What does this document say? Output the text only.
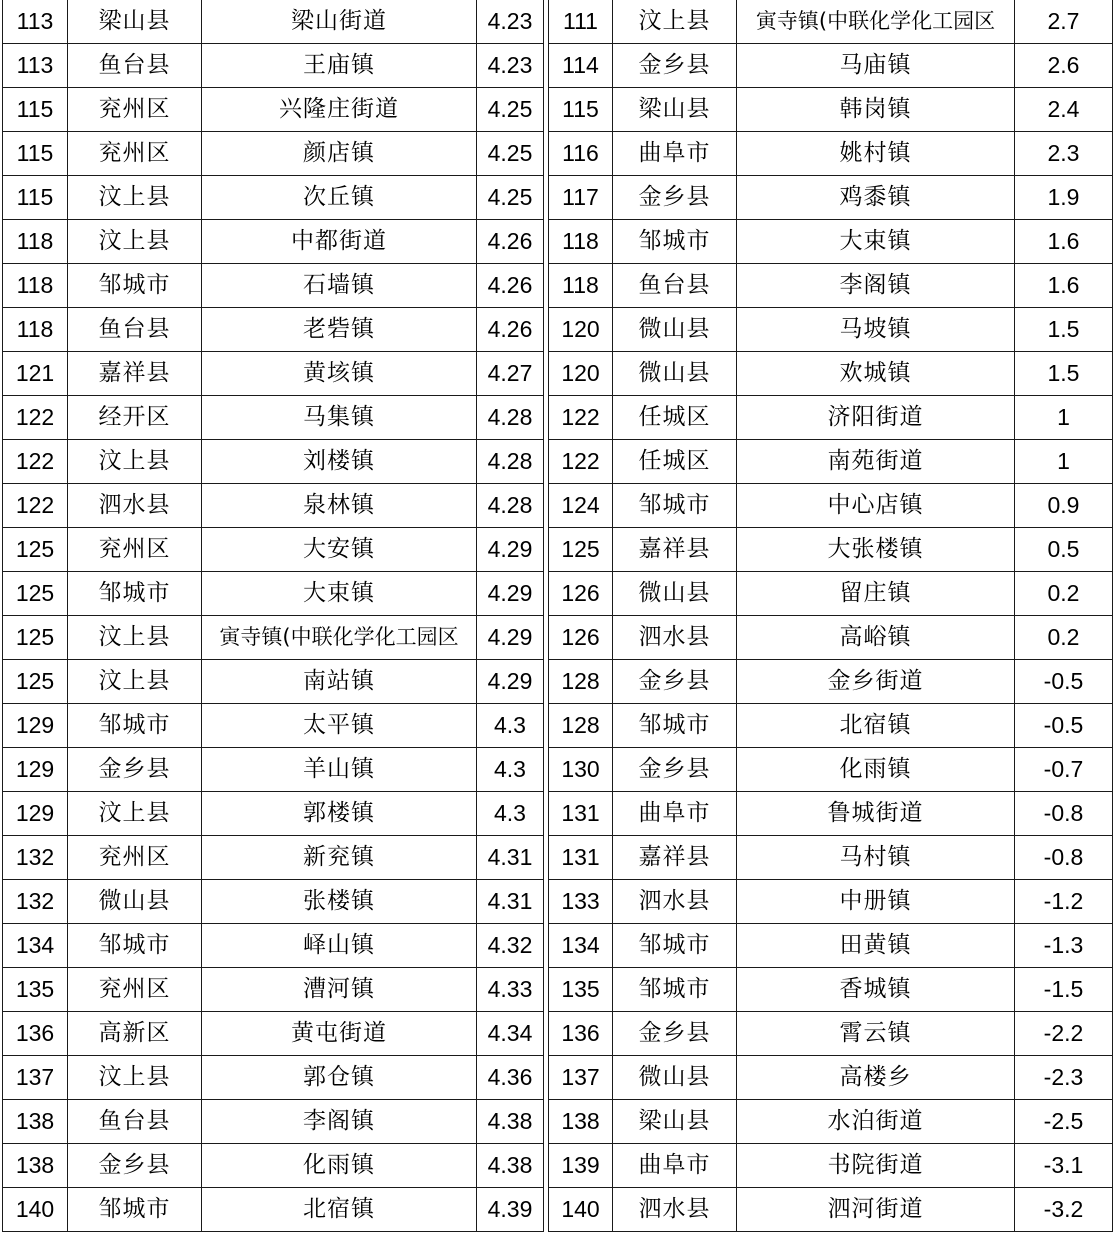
113	梁山县	梁山街道	4.23
113	鱼台县	王庙镇	4.23
115	兖州区	兴隆庄街道	4.25
115	兖州区	颜店镇	4.25
115	汶上县	次丘镇	4.25
118	汶上县	中都街道	4.26
118	邹城市	石墙镇	4.26
118	鱼台县	老砦镇	4.26
121	嘉祥县	黄垓镇	4.27
122	经开区	马集镇	4.28
122	汶上县	刘楼镇	4.28
122	泗水县	泉林镇	4.28
125	兖州区	大安镇	4.29
125	邹城市	大束镇	4.29
125	汶上县	寅寺镇(中联化学化工园区	4.29
125	汶上县	南站镇	4.29
129	邹城市	太平镇	4.3
129	金乡县	羊山镇	4.3
129	汶上县	郭楼镇	4.3
132	兖州区	新兖镇	4.31
132	微山县	张楼镇	4.31
134	邹城市	峄山镇	4.32
135	兖州区	漕河镇	4.33
136	高新区	黄屯街道	4.34
137	汶上县	郭仓镇	4.36
138	鱼台县	李阁镇	4.38
138	金乡县	化雨镇	4.38
140	邹城市	北宿镇	4.39
111	汶上县	寅寺镇(中联化学化工园区	2.7
114	金乡县	马庙镇	2.6
115	梁山县	韩岗镇	2.4
116	曲阜市	姚村镇	2.3
117	金乡县	鸡黍镇	1.9
118	邹城市	大束镇	1.6
118	鱼台县	李阁镇	1.6
120	微山县	马坡镇	1.5
120	微山县	欢城镇	1.5
122	任城区	济阳街道	1
122	任城区	南苑街道	1
124	邹城市	中心店镇	0.9
125	嘉祥县	大张楼镇	0.5
126	微山县	留庄镇	0.2
126	泗水县	高峪镇	0.2
128	金乡县	金乡街道	-0.5
128	邹城市	北宿镇	-0.5
130	金乡县	化雨镇	-0.7
131	曲阜市	鲁城街道	-0.8
131	嘉祥县	马村镇	-0.8
133	泗水县	中册镇	-1.2
134	邹城市	田黄镇	-1.3
135	邹城市	香城镇	-1.5
136	金乡县	霄云镇	-2.2
137	微山县	高楼乡	-2.3
138	梁山县	水泊街道	-2.5
139	曲阜市	书院街道	-3.1
140	泗水县	泗河街道	-3.2
